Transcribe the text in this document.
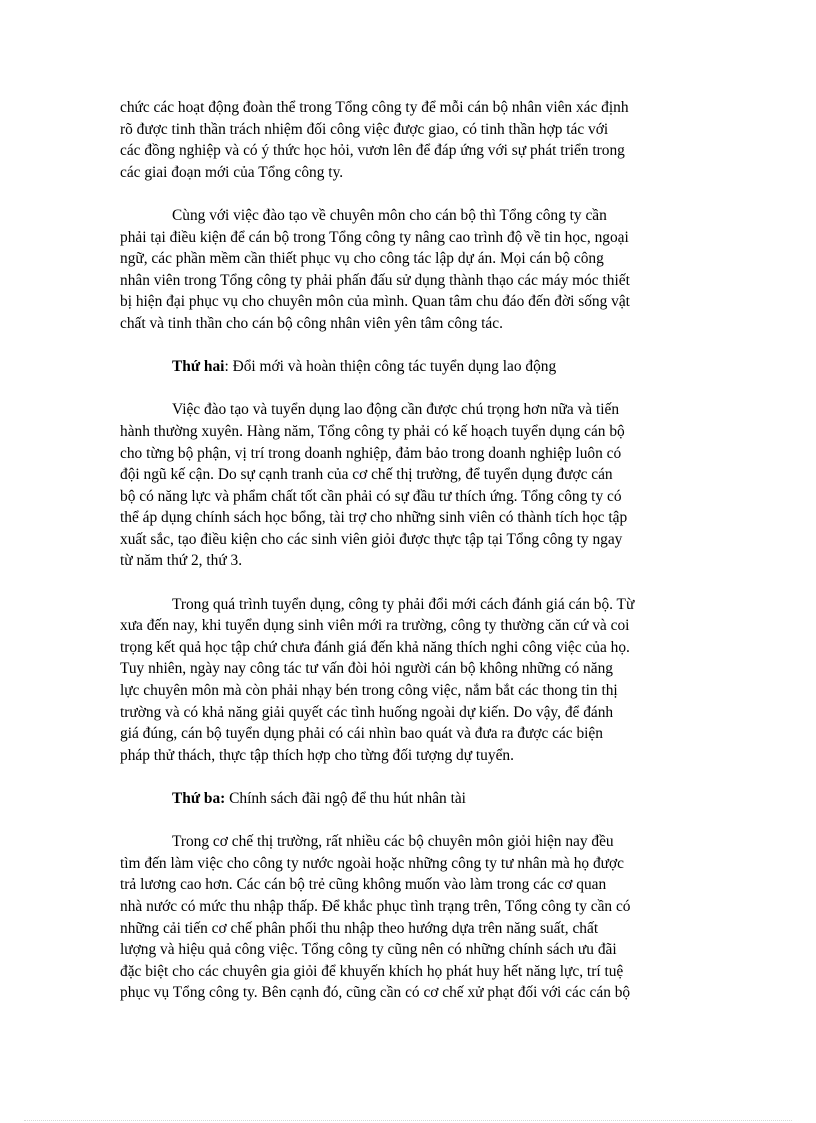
chức các hoạt động đoàn thể trong Tổng công ty để mỗi cán bộ nhân viên xác định
rõ được tinh thần trách nhiệm đối công việc được giao, có tinh thần hợp tác với
các đồng nghiệp và có ý thức học hỏi, vươn lên để đáp ứng với sự phát triển trong
các giai đoạn mới của Tổng công ty.
Cùng với việc đào tạo về chuyên môn cho cán bộ thì Tổng công ty cần
phải tại điều kiện để cán bộ trong Tổng công ty nâng cao trình độ về tin học, ngoại
ngữ, các phần mềm cần thiết phục vụ cho công tác lập dự án. Mọi cán bộ công
nhân viên trong Tổng công ty phải phấn đấu sử dụng thành thạo các máy móc thiết
bị hiện đại phục vụ cho chuyên môn của mình. Quan tâm chu đáo đến đời sống vật
chất và tinh thần cho cán bộ công nhân viên yên tâm công tác.
Thứ hai: Đổi mới và hoàn thiện công tác tuyển dụng lao động
Việc đào tạo và tuyển dụng lao động cần được chú trọng hơn nữa và tiến
hành thường xuyên. Hàng năm, Tổng công ty phải có kế hoạch tuyển dụng cán bộ
cho từng bộ phận, vị trí trong doanh nghiệp, đảm bảo trong doanh nghiệp luôn có
đội ngũ kế cận. Do sự cạnh tranh của cơ chế thị trường, để tuyển dụng được cán
bộ có năng lực và phẩm chất tốt cần phải có sự đầu tư thích ứng. Tổng công ty có
thể áp dụng chính sách học bổng, tài trợ cho những sinh viên có thành tích học tập
xuất sắc, tạo điều kiện cho các sinh viên giỏi được thực tập tại Tổng công ty ngay
từ năm thứ 2, thứ 3.
Trong quá trình tuyển dụng, công ty phải đổi mới cách đánh giá cán bộ. Từ
xưa đến nay, khi tuyển dụng sinh viên mới ra trường, công ty thường căn cứ và coi
trọng kết quả học tập chứ chưa đánh giá đến khả năng thích nghi công việc của họ.
Tuy nhiên, ngày nay công tác tư vấn đòi hỏi người cán bộ không những có năng
lực chuyên môn mà còn phải nhạy bén trong công việc, nắm bắt các thong tin thị
trường và có khả năng giải quyết các tình huống ngoài dự kiến. Do vậy, để đánh
giá đúng, cán bộ tuyển dụng phải có cái nhìn bao quát và đưa ra được các biện
pháp thử thách, thực tập thích hợp cho từng đối tượng dự tuyển.
Thứ ba: Chính sách đãi ngộ để thu hút nhân tài
Trong cơ chế thị trường, rất nhiều các bộ chuyên môn giỏi hiện nay đều
tìm đến làm việc cho công ty nước ngoài hoặc những công ty tư nhân mà họ được
trả lương cao hơn. Các cán bộ trẻ cũng không muốn vào làm trong các cơ quan
nhà nước có mức thu nhập thấp. Để khắc phục tình trạng trên, Tổng công ty cần có
những cải tiến cơ chế phân phối thu nhập theo hướng dựa trên năng suất, chất
lượng và hiệu quả công việc. Tổng công ty cũng nên có những chính sách ưu đãi
đặc biệt cho các chuyên gia giỏi để khuyến khích họ phát huy hết năng lực, trí tuệ
phục vụ Tổng công ty. Bên cạnh đó, cũng cần có cơ chế xử phạt đối với các cán bộ
